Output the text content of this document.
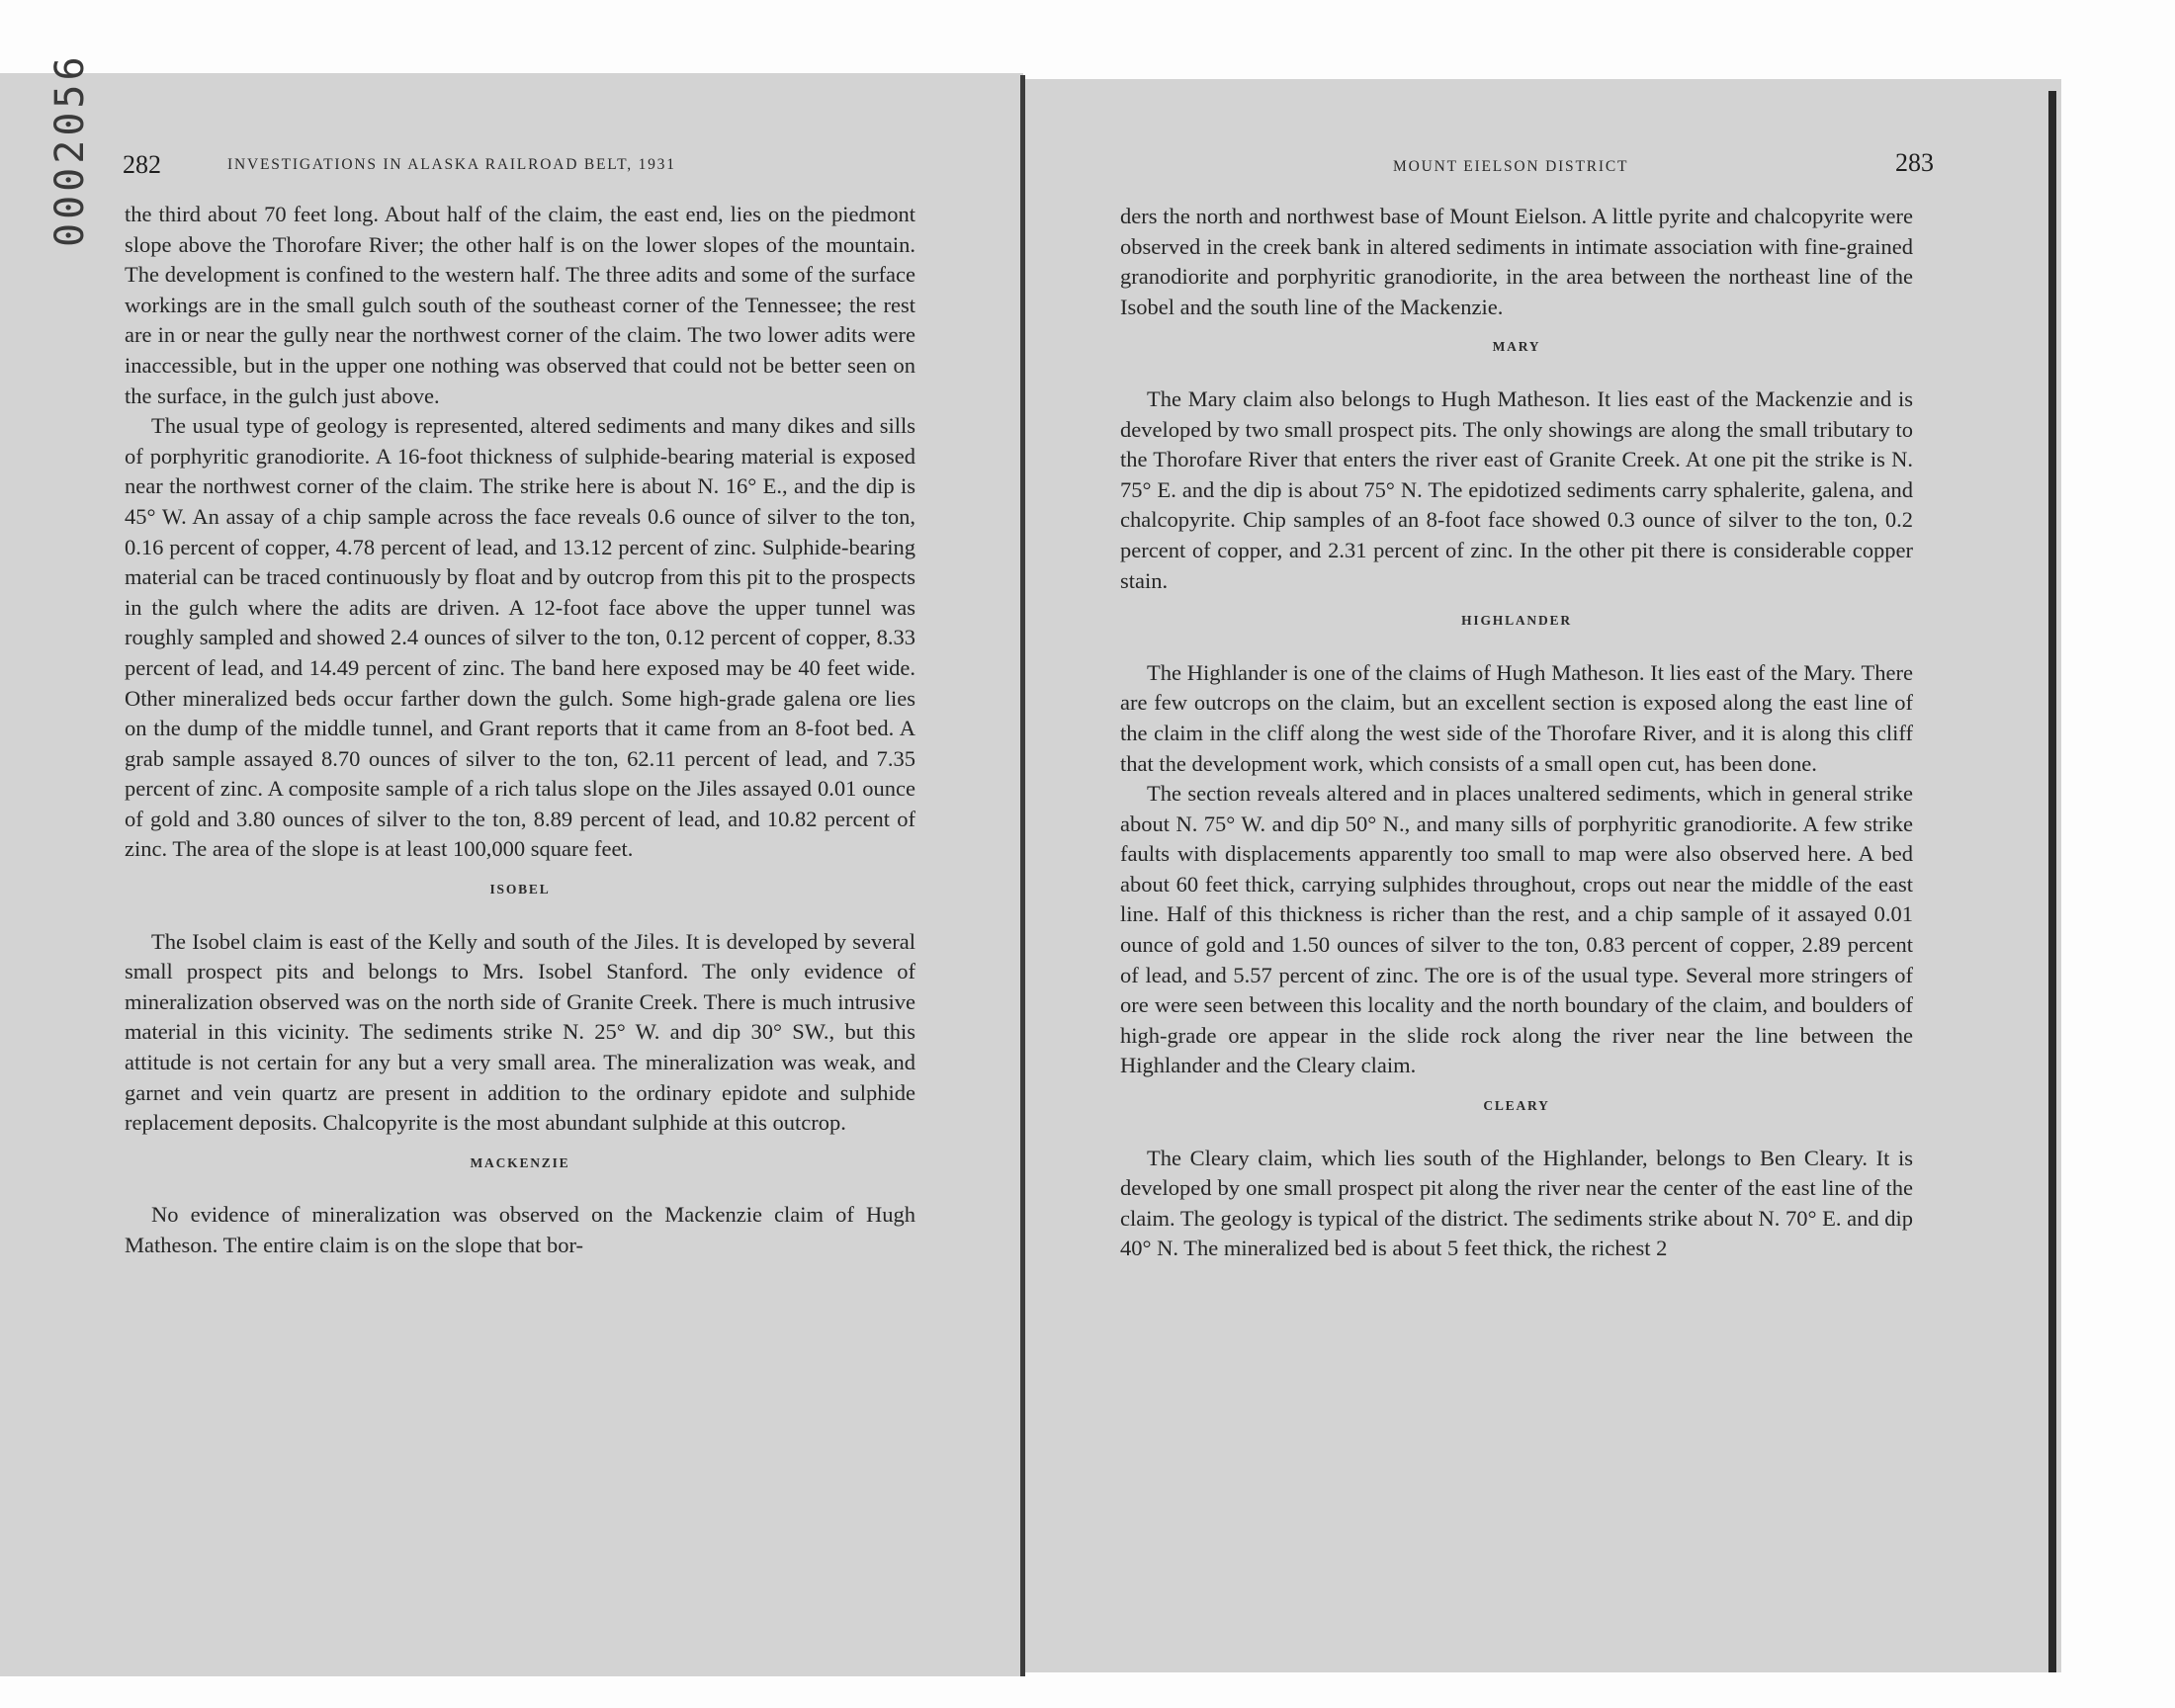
0002056 282	INVESTIGATIONS IN ALASKA RAILROAD BELT, 1931	283
MOUNT EIELSON DISTRICT

the third about 70 feet long. About half of the claim, the east end, lies on the piedmont slope above the Thorofare River; the other half is on the lower slopes of the mountain. The development is confined to the western half. The three adits and some of the surface workings are in the small gulch south of the southeast corner of the Tennessee; the rest are in or near the gully near the northwest corner of the claim. The two lower adits were inaccessible, but in the upper one nothing was observed that could not be better seen on the surface, in the gulch just above.

The usual type of geology is represented, altered sediments and many dikes and sills of porphyritic granodiorite. A 16-foot thickness of sulphide-bearing material is exposed near the northwest corner of the claim. The strike here is about N. 16° E., and the dip is 45° W. An assay of a chip sample across the face reveals 0.6 ounce of silver to the ton, 0.16 percent of copper, 4.78 percent of lead, and 13.12 percent of zinc. Sulphide-bearing material can be traced continuously by float and by outcrop from this pit to the prospects in the gulch where the adits are driven. A 12-foot face above the upper tunnel was roughly sampled and showed 2.4 ounces of silver to the ton, 0.12 percent of copper, 8.33 percent of lead, and 14.49 percent of zinc. The band here exposed may be 40 feet wide. Other mineralized beds occur farther down the gulch. Some high-grade galena ore lies on the dump of the middle tunnel, and Grant reports that it came from an 8-foot bed. A grab sample assayed 8.70 ounces of silver to the ton, 62.11 percent of lead, and 7.35 percent of zinc. A composite sample of a rich talus slope on the Jiles assayed 0.01 ounce of gold and 3.80 ounces of silver to the ton, 8.89 percent of lead, and 10.82 percent of zinc. The area of the slope is at least 100,000 square feet.

ISOBEL

The Isobel claim is east of the Kelly and south of the Jiles. It is developed by several small prospect pits and belongs to Mrs. Isobel Stanford. The only evidence of mineralization observed was on the north side of Granite Creek. There is much intrusive material in this vicinity. The sediments strike N. 25° W. and dip 30° SW., but this attitude is not certain for any but a very small area. The mineralization was weak, and garnet and vein quartz are present in addition to the ordinary epidote and sulphide replacement deposits. Chalcopyrite is the most abundant sulphide at this outcrop.

MACKENZIE

No evidence of mineralization was observed on the Mackenzie claim of Hugh Matheson. The entire claim is on the slope that bor-

ders the north and northwest base of Mount Eielson. A little pyrite and chalcopyrite were observed in the creek bank in altered sediments in intimate association with fine-grained granodiorite and porphyritic granodiorite, in the area between the northeast line of the Isobel and the south line of the Mackenzie.

MARY

The Mary claim also belongs to Hugh Matheson. It lies east of the Mackenzie and is developed by two small prospect pits. The only showings are along the small tributary to the Thorofare River that enters the river east of Granite Creek. At one pit the strike is N. 75° E. and the dip is about 75° N. The epidotized sediments carry sphalerite, galena, and chalcopyrite. Chip samples of an 8-foot face showed 0.3 ounce of silver to the ton, 0.2 percent of copper, and 2.31 percent of zinc. In the other pit there is considerable copper stain.

HIGHLANDER

The Highlander is one of the claims of Hugh Matheson. It lies east of the Mary. There are few outcrops on the claim, but an excellent section is exposed along the east line of the claim in the cliff along the west side of the Thorofare River, and it is along this cliff that the development work, which consists of a small open cut, has been done.

The section reveals altered and in places unaltered sediments, which in general strike about N. 75° W. and dip 50° N., and many sills of porphyritic granodiorite. A few strike faults with displacements apparently too small to map were also observed here. A bed about 60 feet thick, carrying sulphides throughout, crops out near the middle of the east line. Half of this thickness is richer than the rest, and a chip sample of it assayed 0.01 ounce of gold and 1.50 ounces of silver to the ton, 0.83 percent of copper, 2.89 percent of lead, and 5.57 percent of zinc. The ore is of the usual type. Several more stringers of ore were seen between this locality and the north boundary of the claim, and boulders of high-grade ore appear in the slide rock along the river near the line between the Highlander and the Cleary claim.

CLEARY

The Cleary claim, which lies south of the Highlander, belongs to Ben Cleary. It is developed by one small prospect pit along the river near the center of the east line of the claim. The geology is typical of the district. The sediments strike about N. 70° E. and dip 40° N. The mineralized bed is about 5 feet thick, the richest 2
